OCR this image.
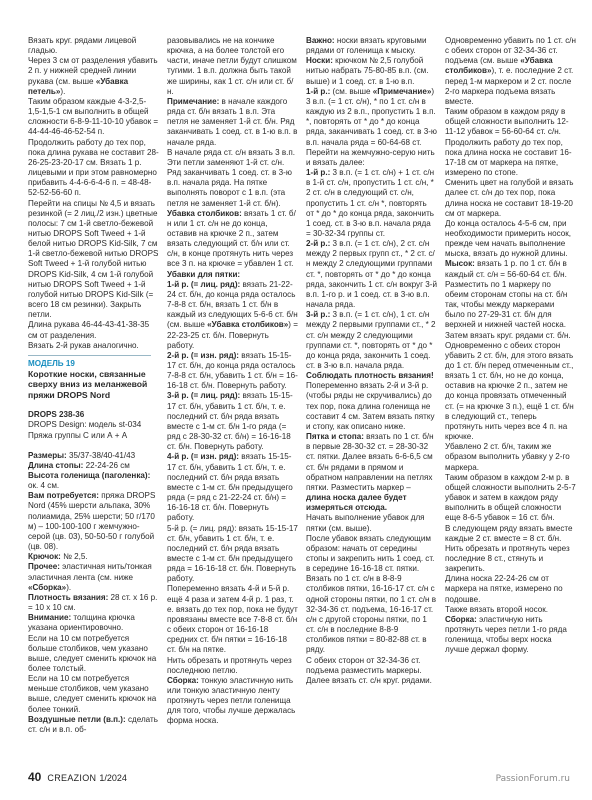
Вязать круг. рядами лицевой гладью.

Через 3 см от разделения убавить 2 п. у нижней средней линии рукава (см. выше «Убавка петель»).

Таким образом каждые 4-3-2,5-1,5-1,5-1 см выполнить в общей сложности 6-8-9-11-10-10 убавок = 44-44-46-46-52-54 п.

Продолжить работу до тех пор, пока длина рукава не составит 28-26-25-23-20-17 см. Вязать 1 р. лицевыми и при этом равномерно прибавить 4-4-6-6-4-6 п. = 48-48-52-52-56-60 п.

Перейти на спицы № 4,5 и вязать резинкой (= 2 лиц./2 изн.) цветные полосы: 7 см 1-й светло-бежевой нитью DROPS Soft Tweed + 1-й белой нитью DROPS Kid-Silk, 7 см 1-й светло-бежевой нитью DROPS Soft Tweed + 1-й голубой нитью DROPS Kid-Silk, 4 см 1-й голубой нитью DROPS Soft Tweed + 1-й голубой нитью DROPS Kid-Silk (= всего 18 см резинки). Закрыть петли.

Длина рукава 46-44-43-41-38-35 см от разделения.

Вязать 2-й рукав аналогично.

МОДЕЛЬ 19

Короткие носки, связанные сверху вниз из меланжевой пряжи DROPS Nord

DROPS 238-36

DROPS Design: модель st-034

Пряжа группы С или А + А

Размеры: 35/37-38/40-41/43

Длина стопы: 22-24-26 см

Высота голенища (паголенка): ок. 4 см.

Вам потребуется: пряжа DROPS Nord (45% шерсти альпака, 30% полиамида, 25% шерсти; 50 г/170 м) – 100-100-100 г жемчужно-серой (цв. 03), 50-50-50 г голубой (цв. 08).

Крючок: № 2,5.

Прочее: эластичная нить/тонкая эластичная лента (см. ниже «Сборка»).

Плотность вязания: 28 ст. x 16 р. = 10 x 10 см.

Внимание: толщина крючка указана ориентировочно.

Если на 10 см потребуется больше столбиков, чем указано выше, следует сменить крючок на более толстый.

Если на 10 см потребуется меньше столбиков, чем указано выше, следует сменить крючок на более тонкий.

Воздушные петли (в.п.): сделать ст. с/н и в.п. об-

разовывались не на кончике крючка, а на более толстой его части, иначе петли будут слишком тугими. 1 в.п. должна быть такой же ширины, как 1 ст. с/н или ст. б/н.

Примечание: в начале каждого ряда ст. б/н вязать 1 в.п. Эта петля не заменяет 1-й ст. б/н. Ряд заканчивать 1 соед. ст. в 1-ю в.п. в начале ряда.

В начале ряда ст. с/н вязать 3 в.п. Эти петли заменяют 1-й ст. с/н. Ряд заканчивать 1 соед. ст. в 3-ю в.п. начала ряда. На пятке выполнять поворот с 1 в.п. (эта петля не заменяет 1-й ст. б/н).

Убавка столбиков: вязать 1 ст. б/н или 1 ст. с/н не до конца, оставив на крючке 2 п., затем вязать следующий ст. б/н или ст. с/н, в конце протянуть нить через все 3 п. на крючке = убавлен 1 ст.

Убавки для пятки:

1-й р. (= лиц. ряд): вязать 21-22-24 ст. б/н, до конца ряда осталось 7-8-8 ст. б/н, вязать 1 ст. б/н в каждый из следующих 5-6-6 ст. б/н (см. выше «Убавка столбиков») = 22-23-25 ст. б/н. Повернуть работу.

2-й р. (= изн. ряд): вязать 15-15-17 ст. б/н, до конца ряда осталось 7-8-8 ст. б/н, убавить 1 ст. б/н = 16-16-18 ст. б/н. Повернуть работу.

3-й р. (= лиц. ряд): вязать 15-15-17 ст. б/н, убавить 1 ст. б/н, т. е. последний ст. б/н ряда вязать вместе с 1-м ст. б/н 1-го ряда (= ряд с 28-30-32 ст. б/н) = 16-16-18 ст. б/н. Повернуть работу.

4-й р. (= изн. ряд): вязать 15-15-17 ст. б/н, убавить 1 ст. б/н, т. е. последний ст. б/н ряда вязать вместе с 1-м ст. б/н предыдущего ряда (= ряд с 21-22-24 ст. б/н) = 16-16-18 ст. б/н. Повернуть работу.

5-й р. (= лиц. ряд): вязать 15-15-17 ст. б/н, убавить 1 ст. б/н, т. е. последний ст. б/н ряда вязать вместе с 1-м ст. б/н предыдущего ряда = 16-16-18 ст. б/н. Повернуть работу.

Попеременно вязать 4-й и 5-й р. ещё 4 раза и затем 4-й р. 1 раз, т. е. вязать до тех пор, пока не будут провязаны вместе все 7-8-8 ст. б/н с обеих сторон от 16-16-18 средних ст. б/н пятки = 16-16-18 ст. б/н на пятке.

Нить обрезать и протянуть через последнюю петлю.

Сборка: тонкую эластичную нить или тонкую эластичную ленту протянуть через петли голенища для того, чтобы лучше держалась форма носка.

Важно: носки вязать круговыми рядами от голенища к мыску.

Носки: крючком № 2,5 голубой нитью набрать 75-80-85 в.п. (см. выше) и 1 соед. ст. в 1-ю в.п.

1-й р.: (см. выше «Примечание») 3 в.п. (= 1 ст. с/н), * по 1 ст. с/н в каждую из 2 в.п., пропустить 1 в.п. *, повторять от * до * до конца ряда, заканчивать 1 соед. ст. в 3-ю в.п. начала ряда = 60-64-68 ст.

Перейти на жемчужно-серую нить и вязать далее:

1-й р.: 3 в.п. (= 1 ст. с/н) + 1 ст. с/н в 1-й ст. с/н, пропустить 1 ст. с/н, * 2 ст. с/н в следующий ст. с/н, пропустить 1 ст. с/н *, повторять от * до * до конца ряда, закончить 1 соед. ст. в 3-ю в.п. начала ряда = 30-32-34 группы ст.

2-й р.: 3 в.п. (= 1 ст. с/н), 2 ст. с/н между 2 первых групп ст., * 2 ст. с/н между 2 следующими группами ст. *, повторять от * до * до конца ряда, закончить 1 ст. с/н вокруг 3-й в.п. 1-го р. и 1 соед. ст. в 3-ю в.п. начала ряда.

3-й р.: 3 в.п. (= 1 ст. с/н), 1 ст. с/н между 2 первыми группами ст., * 2 ст. с/н между 2 следующими группами ст. *, повторять от * до * до конца ряда, закончить 1 соед. ст. в 3-ю в.п. начала ряда.

Соблюдать плотность вязания!

Попеременно вязать 2-й и 3-й р. (чтобы ряды не скручивались) до тех пор, пока длина голенища не составит 4 см. Затем вязать пятку и стопу, как описано ниже.

Пятка и стопа: вязать по 1 ст. б/н в первые 28-30-32 ст. = 28-30-32 ст. пятки. Далее вязать 6-6-6,5 см ст. б/н рядами в прямом и обратном направлении на петлях пятки. Разместить маркер – длина носка далее будет измеряться отсюда.

Начать выполнение убавок для пятки (см. выше).

После убавок вязать следующим образом: начать от середины стопы и закрепить нить 1 соед. ст. в середине 16-16-18 ст. пятки.

Вязать по 1 ст. с/н в 8-8-9 столбиков пятки, 16-16-17 ст. с/н с одной стороны пятки, по 1 ст. с/н в 32-34-36 ст. подъема, 16-16-17 ст. с/н с другой стороны пятки, по 1 ст. с/н в последние 8-8-9 столбиков пятки = 80-82-88 ст. в ряду.

С обеих сторон от 32-34-36 ст. подъема разместить маркеры.

Далее вязать ст. с/н круг. рядами.

Одновременно убавить по 1 ст. с/н с обеих сторон от 32-34-36 ст. подъема (см. выше «Убавка столбиков»), т. е. последние 2 ст. перед 1-м маркером и 2 ст. после 2-го маркера подъема вязать вместе.

Таким образом в каждом ряду в общей сложности выполнить 12-11-12 убавок = 56-60-64 ст. с/н.

Продолжить работу до тех пор, пока длина носка не составит 16-17-18 см от маркера на пятке, измерено по стопе.

Сменить цвет на голубой и вязать далее ст. с/н до тех пор, пока длина носка не составит 18-19-20 см от маркера.

До конца осталось 4-5-6 см, при необходимости примерить носок, прежде чем начать выполнение мыска, вязать до нужной длины.

Мысок: вязать 1 р. по 1 ст. б/н в каждый ст. с/н = 56-60-64 ст. б/н.

Разместить по 1 маркеру по обеим сторонам стопы на ст. б/н так, чтобы между маркерами было по 27-29-31 ст. б/н для верхней и нижней частей носка.

Затем вязать круг. рядами ст. б/н.

Одновременно с обеих сторон убавить 2 ст. б/н, для этого вязать до 1 ст. б/н перед отмеченным ст., вязать 1 ст. б/н, но не до конца, оставив на крючке 2 п., затем не до конца провязать отмеченный ст. (= на крючке 3 п.), ещё 1 ст. б/н в следующий ст., теперь протянуть нить через все 4 п. на крючке.

Убавлено 2 ст. б/н, таким же образом выполнить убавку у 2-го маркера.

Таким образом в каждом 2-м р. в общей сложности выполнить 2-5-7 убавок и затем в каждом ряду выполнить в общей сложности еще 8-6-5 убавок = 16 ст. б/н.

В следующем ряду вязать вместе каждые 2 ст. вместе = 8 ст. б/н.

Нить обрезать и протянуть через последние 8 ст., стянуть и закрепить.

Длина носка 22-24-26 см от маркера на пятке, измерено по подошве.

Также вязать второй носок.

Сборка: эластичную нить протянуть через петли 1-го ряда голенища, чтобы верх носка лучше держал форму.

40 CREAZION 1/2024	PassionForum.ru
